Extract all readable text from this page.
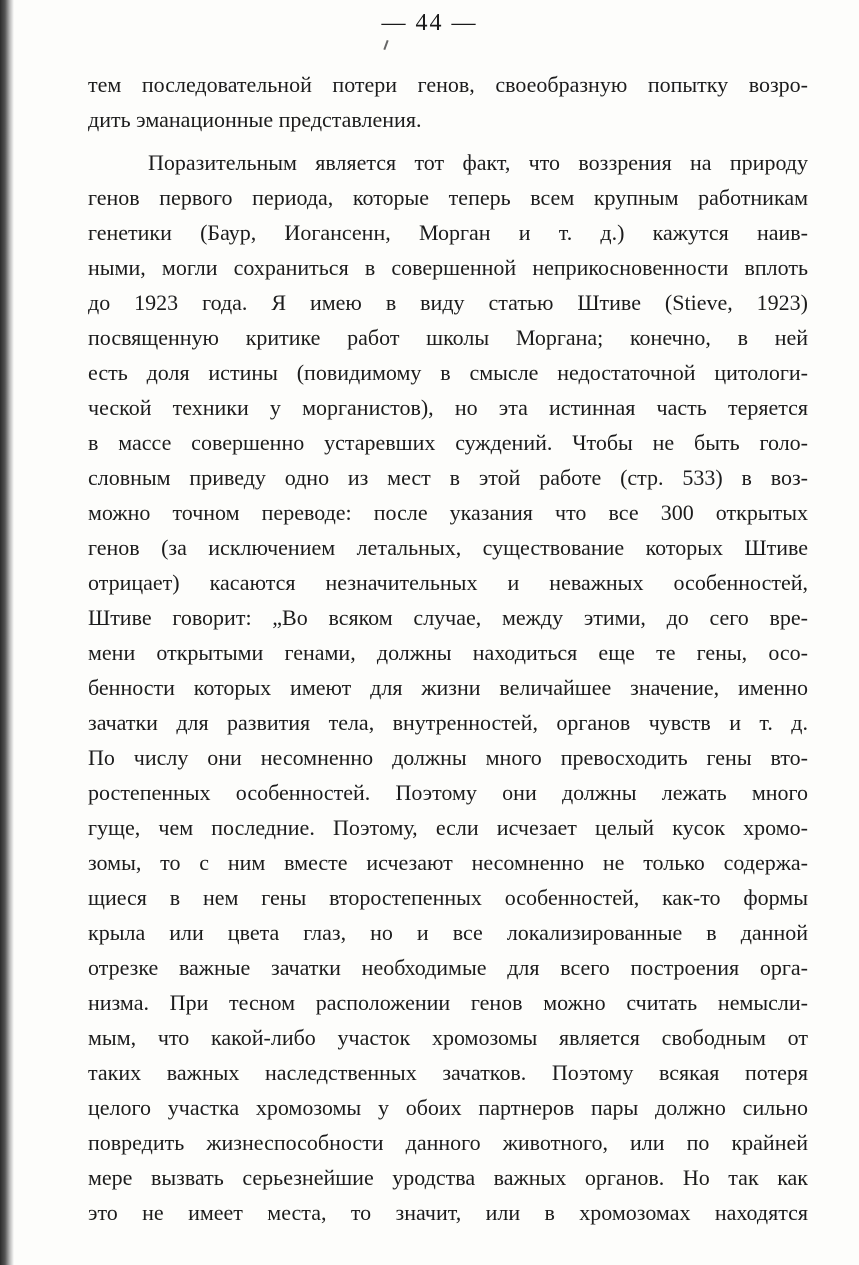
— 44 —
тем последовательной потери генов, своеобразную попытку возро-
дить эманационные представления.
Поразительным является тот факт, что воззрения на природу
генов первого периода, которые теперь всем крупным работникам
генетики (Баур, Иогансенн, Морган и т. д.) кажутся наив-
ными, могли сохраниться в совершенной неприкосновенности вплоть
до 1923 года. Я имею в виду статью Штиве (Stieve, 1923)
посвященную критике работ школы Моргана; конечно, в ней
есть доля истины (повидимому в смысле недостаточной цитологи-
ческой техники у морганистов), но эта истинная часть теряется
в массе совершенно устаревших суждений. Чтобы не быть голо-
словным приведу одно из мест в этой работе (стр. 533) в воз-
можно точном переводе: после указания что все 300 открытых
генов (за исключением летальных, существование которых Штиве
отрицает) касаются незначительных и неважных особенностей,
Штиве говорит: „Во всяком случае, между этими, до сего вре-
мени открытыми генами, должны находиться еще те гены, осо-
бенности которых имеют для жизни величайшее значение, именно
зачатки для развития тела, внутренностей, органов чувств и т. д.
По числу они несомненно должны много превосходить гены вто-
ростепенных особенностей. Поэтому они должны лежать много
гуще, чем последние. Поэтому, если исчезает целый кусок хромо-
зомы, то с ним вместе исчезают несомненно не только содержа-
щиеся в нем гены второстепенных особенностей, как-то формы
крыла или цвета глаз, но и все локализированные в данной
отрезке важные зачатки необходимые для всего построения орга-
низма. При тесном расположении генов можно считать немысли-
мым, что какой-либо участок хромозомы является свободным от
таких важных наследственных зачатков. Поэтому всякая потеря
целого участка хромозомы у обоих партнеров пары должно сильно
повредить жизнеспособности данного животного, или по крайней
мере вызвать серьезнейшие уродства важных органов. Но так как
это не имеет места, то значит, или в хромозомах находятся
